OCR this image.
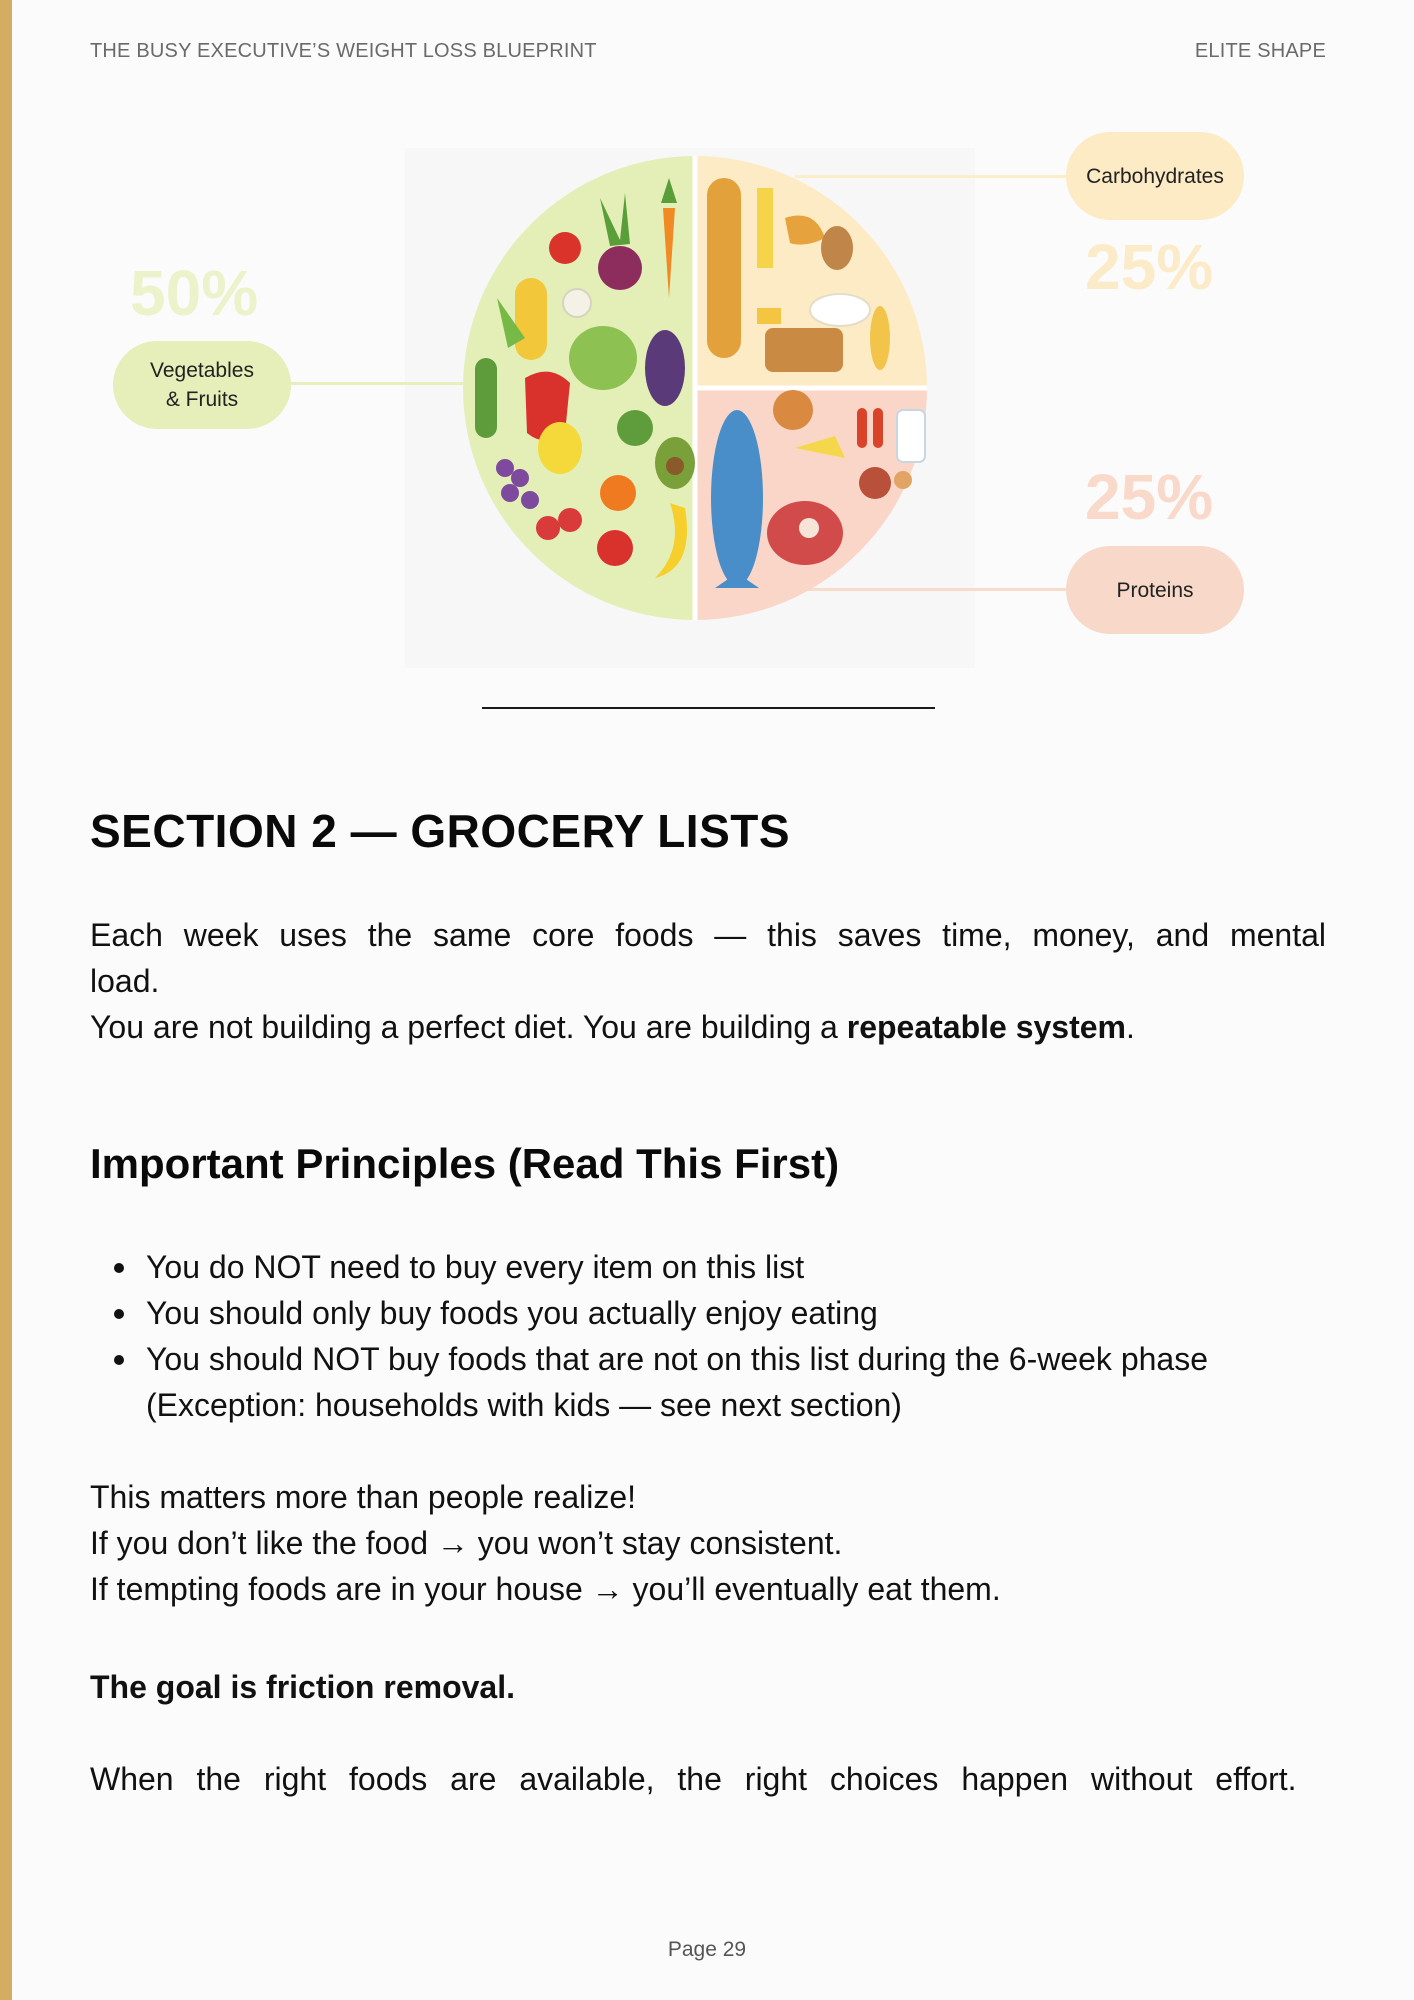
THE BUSY EXECUTIVE’S WEIGHT LOSS BLUEPRINT	ELITE SHAPE
50%
Vegetables
& Fruits
Carbohydrates
25%
25%
Proteins
SECTION 2 — GROCERY LISTS

Each week uses the same core foods — this saves time, money, and mental load.

You are not building a perfect diet. You are building a repeatable system.

Important Principles (Read This First)
You do NOT need to buy every item on this list
You should only buy foods you actually enjoy eating
You should NOT buy foods that are not on this list during the 6-week phase (Exception: households with kids — see next section)
This matters more than people realize!
If you don’t like the food → you won’t stay consistent.
If tempting foods are in your house → you’ll eventually eat them.

The goal is friction removal.

When the right foods are available, the right choices happen without effort.

Page 29
